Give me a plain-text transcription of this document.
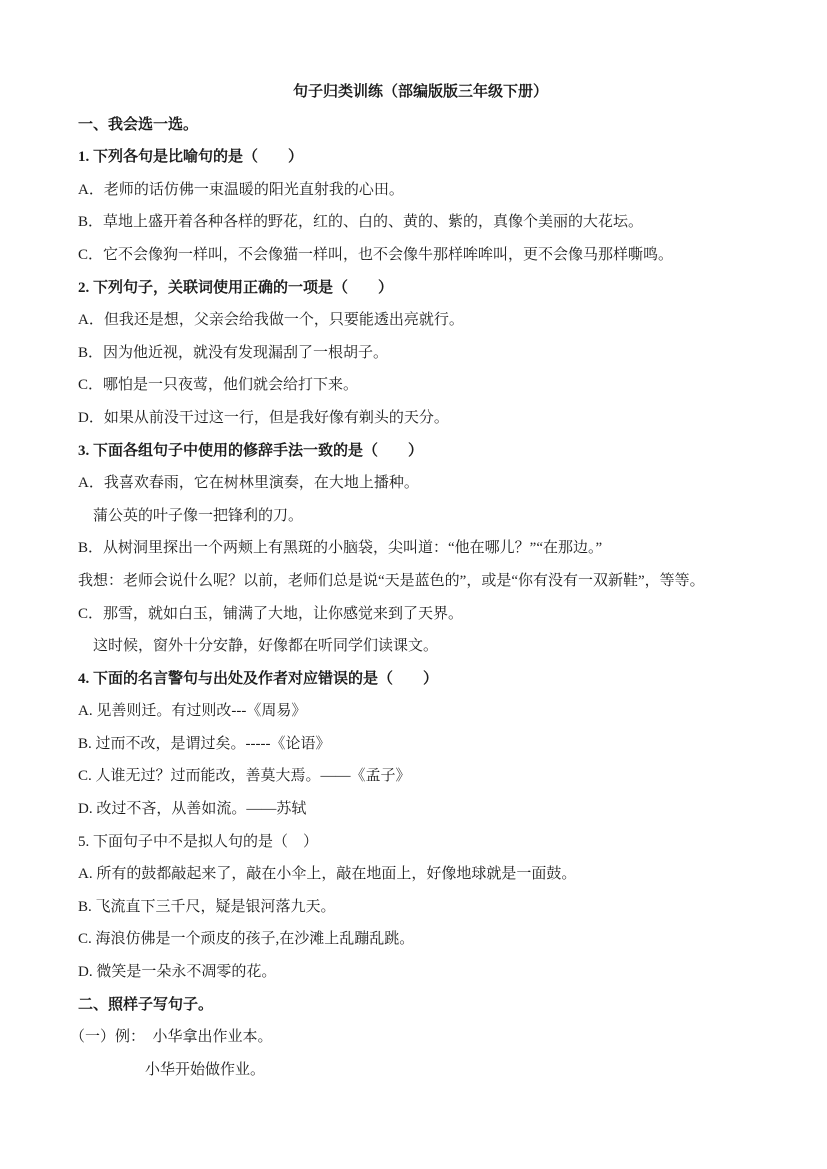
句子归类训练（部编版版三年级下册）

一、我会选一选。

1. 下列各句是比喻句的是（　　）

A．老师的话仿佛一束温暖的阳光直射我的心田。

B．草地上盛开着各种各样的野花，红的、白的、黄的、紫的，真像个美丽的大花坛。

C．它不会像狗一样叫，不会像猫一样叫，也不会像牛那样哞哞叫，更不会像马那样嘶鸣。

2. 下列句子，关联词使用正确的一项是（　　）

A．但我还是想，父亲会给我做一个，只要能透出亮就行。

B．因为他近视，就没有发现漏刮了一根胡子。

C．哪怕是一只夜莺，他们就会给打下来。

D．如果从前没干过这一行，但是我好像有剃头的天分。

3. 下面各组句子中使用的修辞手法一致的是（　　）

A．我喜欢春雨，它在树林里演奏，在大地上播种。

蒲公英的叶子像一把锋利的刀。

B．从树洞里探出一个两颊上有黑斑的小脑袋，尖叫道：“他在哪儿？”“在那边。”

我想：老师会说什么呢？以前，老师们总是说“天是蓝色的”，或是“你有没有一双新鞋”，等等。

C．那雪，就如白玉，铺满了大地，让你感觉来到了天界。

这时候，窗外十分安静，好像都在听同学们读课文。

4. 下面的名言警句与出处及作者对应错误的是（　　）

A. 见善则迁。有过则改---《周易》

B. 过而不改，是谓过矣。-----《论语》

C. 人谁无过？过而能改，善莫大焉。——《孟子》

D. 改过不吝，从善如流。——苏轼

5. 下面句子中不是拟人句的是（　）

A. 所有的鼓都敲起来了，敲在小伞上，敲在地面上，好像地球就是一面鼓。

B. 飞流直下三千尺，疑是银河落九天。

C. 海浪仿佛是一个顽皮的孩子,在沙滩上乱蹦乱跳。

D. 微笑是一朵永不凋零的花。

二、照样子写句子。

（一）例：　小华拿出作业本。

小华开始做作业。
